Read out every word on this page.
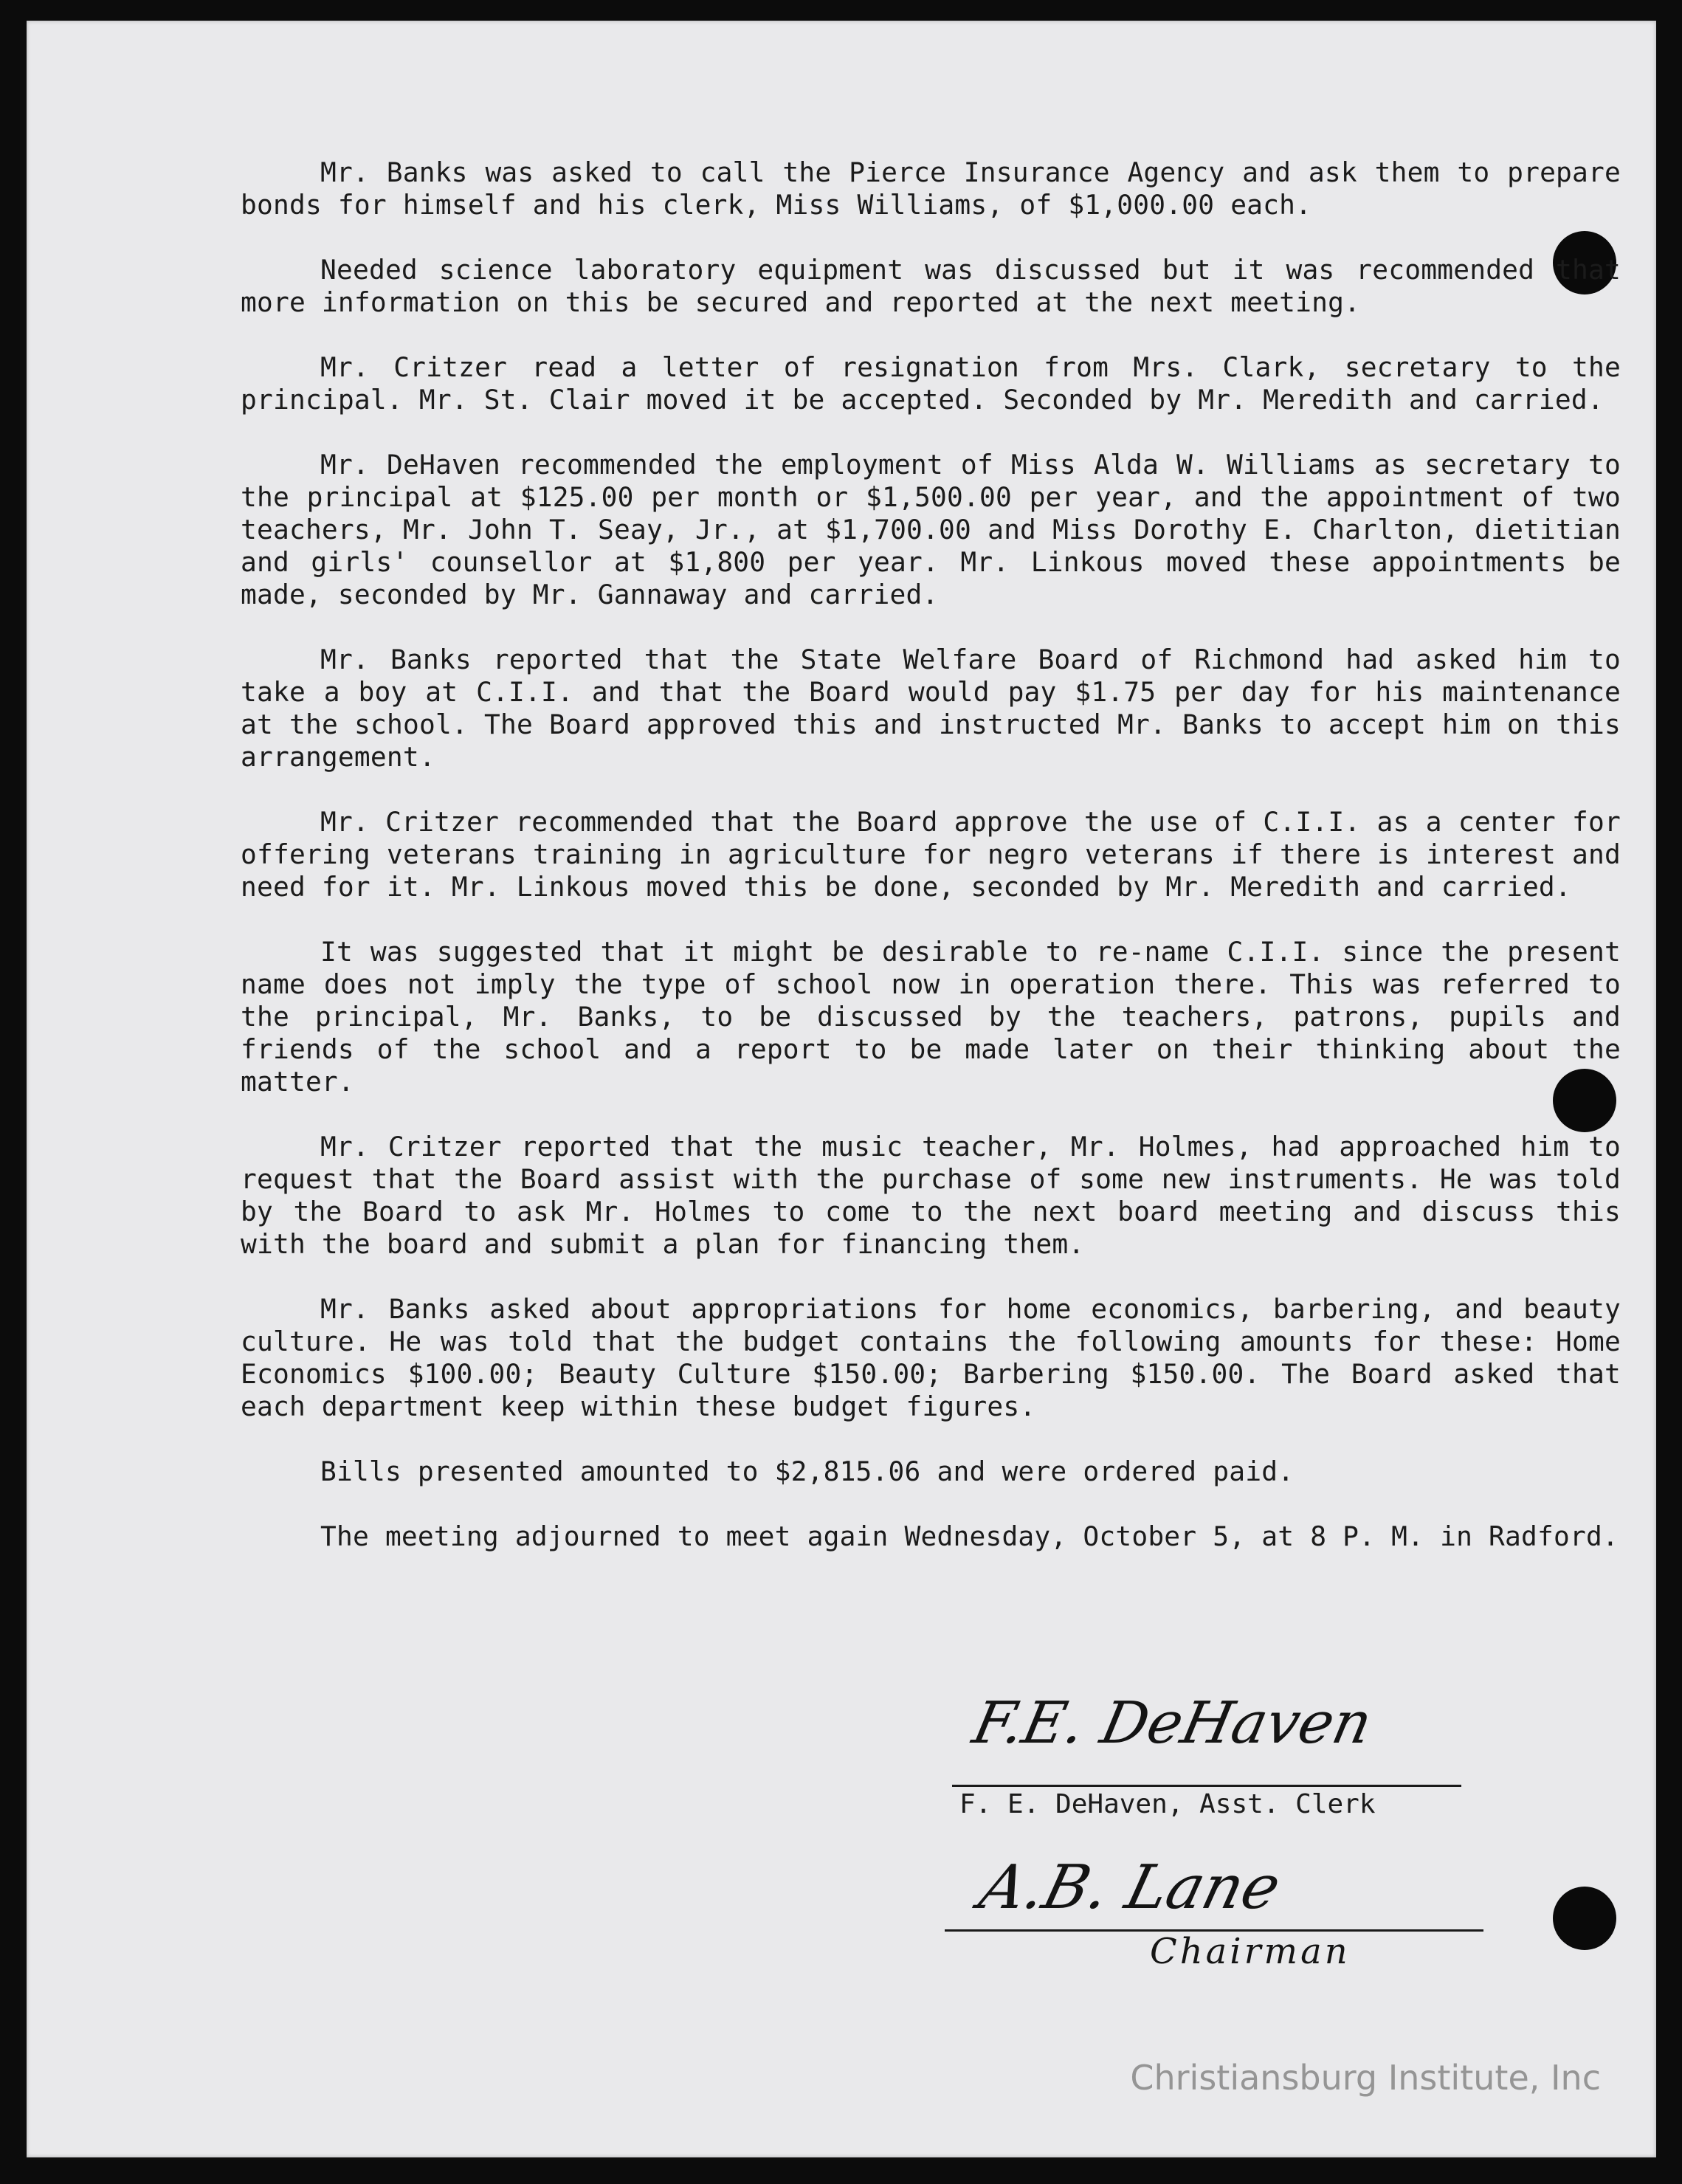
Mr. Banks was asked to call the Pierce Insurance Agency and ask them to prepare bonds for himself and his clerk, Miss Williams, of $1,000.00 each.

Needed science laboratory equipment was discussed but it was recommended that more information on this be secured and reported at the next meeting.

Mr. Critzer read a letter of resignation from Mrs. Clark, secretary to the principal. Mr. St. Clair moved it be accepted. Seconded by Mr. Meredith and carried.

Mr. DeHaven recommended the employment of Miss Alda W. Williams as secretary to the principal at $125.00 per month or $1,500.00 per year, and the appointment of two teachers, Mr. John T. Seay, Jr., at $1,700.00 and Miss Dorothy E. Charlton, dietitian and girls' counsellor at $1,800 per year. Mr. Linkous moved these appointments be made, seconded by Mr. Gannaway and carried.

Mr. Banks reported that the State Welfare Board of Richmond had asked him to take a boy at C.I.I. and that the Board would pay $1.75 per day for his maintenance at the school. The Board approved this and instructed Mr. Banks to accept him on this arrangement.

Mr. Critzer recommended that the Board approve the use of C.I.I. as a center for offering veterans training in agriculture for negro veterans if there is interest and need for it. Mr. Linkous moved this be done, seconded by Mr. Meredith and carried.

It was suggested that it might be desirable to re-name C.I.I. since the present name does not imply the type of school now in operation there. This was referred to the principal, Mr. Banks, to be discussed by the teachers, patrons, pupils and friends of the school and a report to be made later on their thinking about the matter.

Mr. Critzer reported that the music teacher, Mr. Holmes, had approached him to request that the Board assist with the purchase of some new instruments. He was told by the Board to ask Mr. Holmes to come to the next board meeting and discuss this with the board and submit a plan for financing them.

Mr. Banks asked about appropriations for home economics, barbering, and beauty culture. He was told that the budget contains the following amounts for these: Home Economics $100.00; Beauty Culture $150.00; Barbering $150.00. The Board asked that each department keep within these budget figures.

Bills presented amounted to $2,815.06 and were ordered paid.

The meeting adjourned to meet again Wednesday, October 5, at 8 P. M. in Radford.

F.E. DeHaven
F. E. DeHaven, Asst. Clerk
A.B. Lane
Chairman
Christiansburg Institute, Inc
